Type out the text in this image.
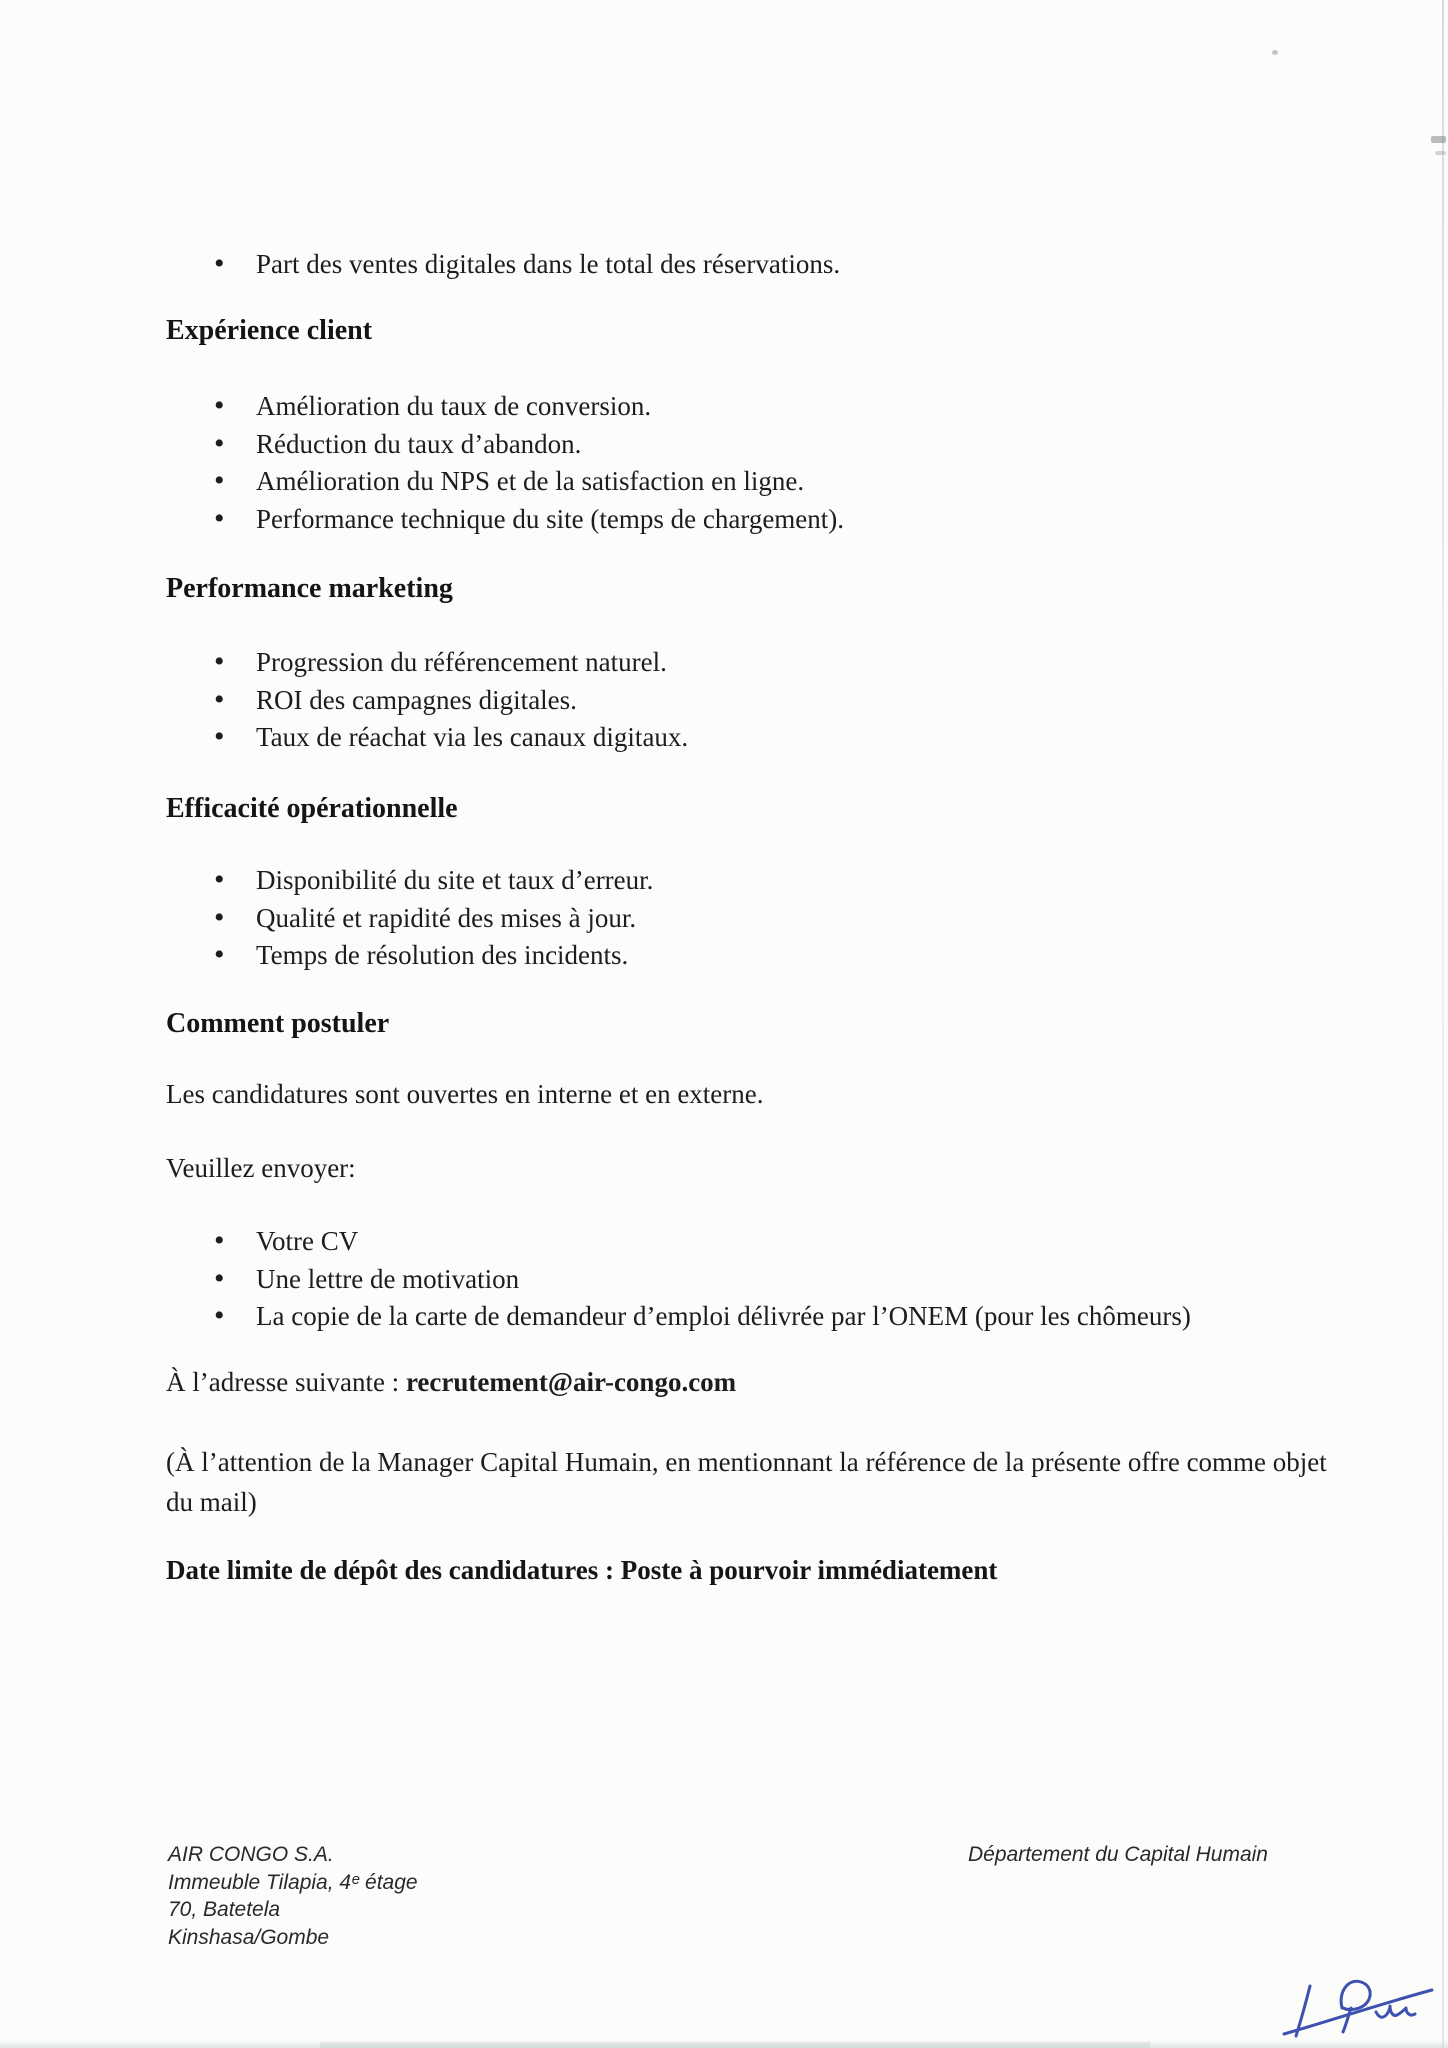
• Part des ventes digitales dans le total des réservations.
Expérience client
• Amélioration du taux de conversion.
• Réduction du taux d’abandon.
• Amélioration du NPS et de la satisfaction en ligne.
• Performance technique du site (temps de chargement).
Performance marketing
• Progression du référencement naturel.
• ROI des campagnes digitales.
• Taux de réachat via les canaux digitaux.
Efficacité opérationnelle
• Disponibilité du site et taux d’erreur.
• Qualité et rapidité des mises à jour.
• Temps de résolution des incidents.
Comment postuler
Les candidatures sont ouvertes en interne et en externe.
Veuillez envoyer:
• Votre CV
• Une lettre de motivation
• La copie de la carte de demandeur d’emploi délivrée par l’ONEM (pour les chômeurs)
À l’adresse suivante : recrutement@air-congo.com
(À l’attention de la Manager Capital Humain, en mentionnant la référence de la présente offre comme objet du mail)
Date limite de dépôt des candidatures : Poste à pourvoir immédiatement
AIR CONGO S.A.
Immeuble Tilapia, 4ᵉ étage
70, Batetela
Kinshasa/Gombe
Département du Capital Humain
